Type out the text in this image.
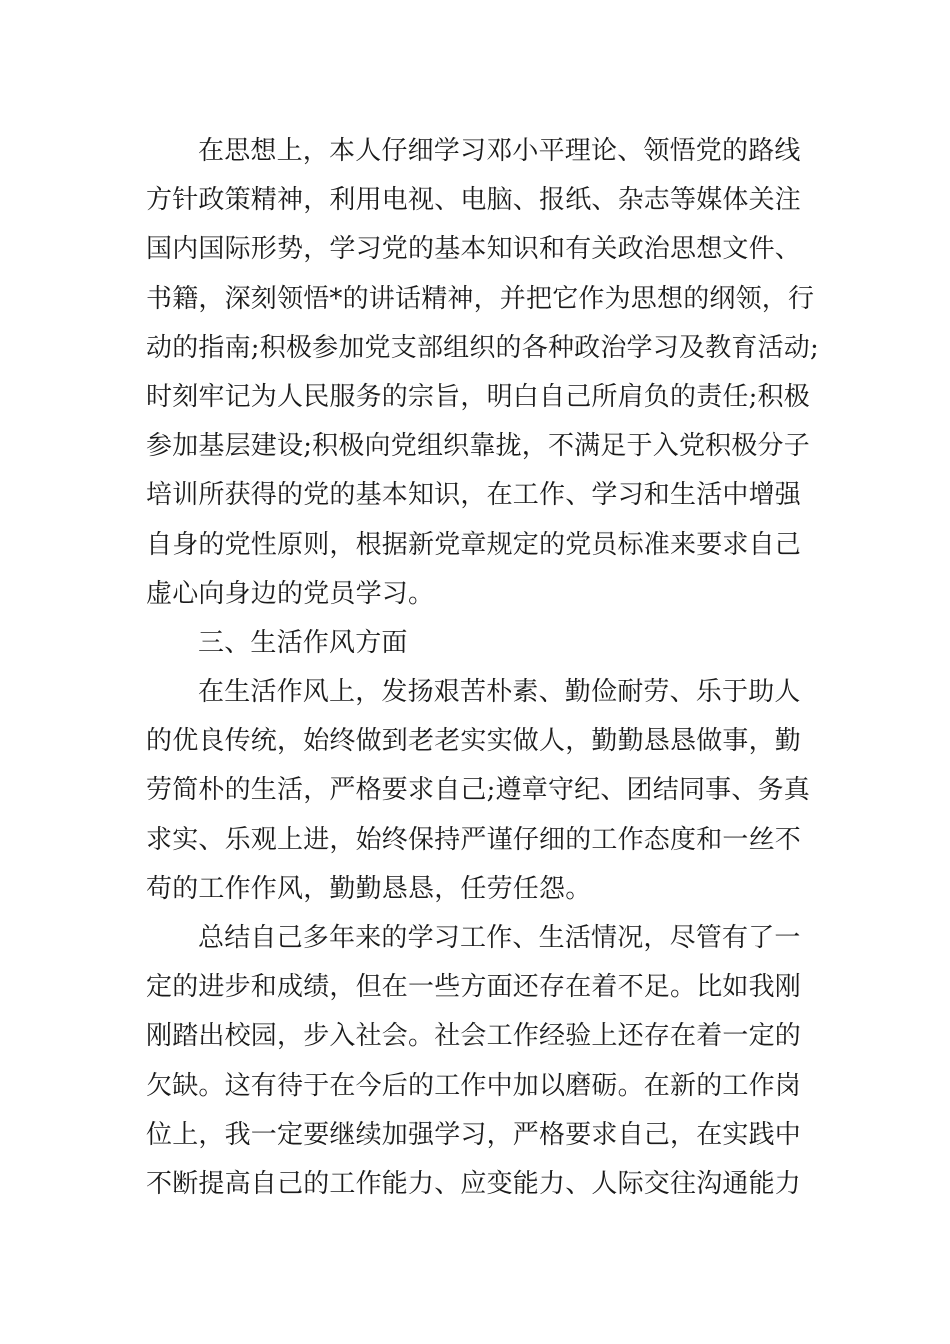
在思想上，本人仔细学习邓小平理论、领悟党的路线
方针政策精神，利用电视、电脑、报纸、杂志等媒体关注
国内国际形势，学习党的基本知识和有关政治思想文件、
书籍，深刻领悟*的讲话精神，并把它作为思想的纲领，行
动的指南;积极参加党支部组织的各种政治学习及教育活动;
时刻牢记为人民服务的宗旨，明白自己所肩负的责任;积极
参加基层建设;积极向党组织靠拢，不满足于入党积极分子
培训所获得的党的基本知识，在工作、学习和生活中增强
自身的党性原则，根据新党章规定的党员标准来要求自己
虚心向身边的党员学习。
三、生活作风方面
在生活作风上，发扬艰苦朴素、勤俭耐劳、乐于助人
的优良传统，始终做到老老实实做人，勤勤恳恳做事，勤
劳简朴的生活，严格要求自己;遵章守纪、团结同事、务真
求实、乐观上进，始终保持严谨仔细的工作态度和一丝不
苟的工作作风，勤勤恳恳，任劳任怨。
总结自己多年来的学习工作、生活情况，尽管有了一
定的进步和成绩，但在一些方面还存在着不足。比如我刚
刚踏出校园，步入社会。社会工作经验上还存在着一定的
欠缺。这有待于在今后的工作中加以磨砺。在新的工作岗
位上，我一定要继续加强学习，严格要求自己，在实践中
不断提高自己的工作能力、应变能力、人际交往沟通能力
